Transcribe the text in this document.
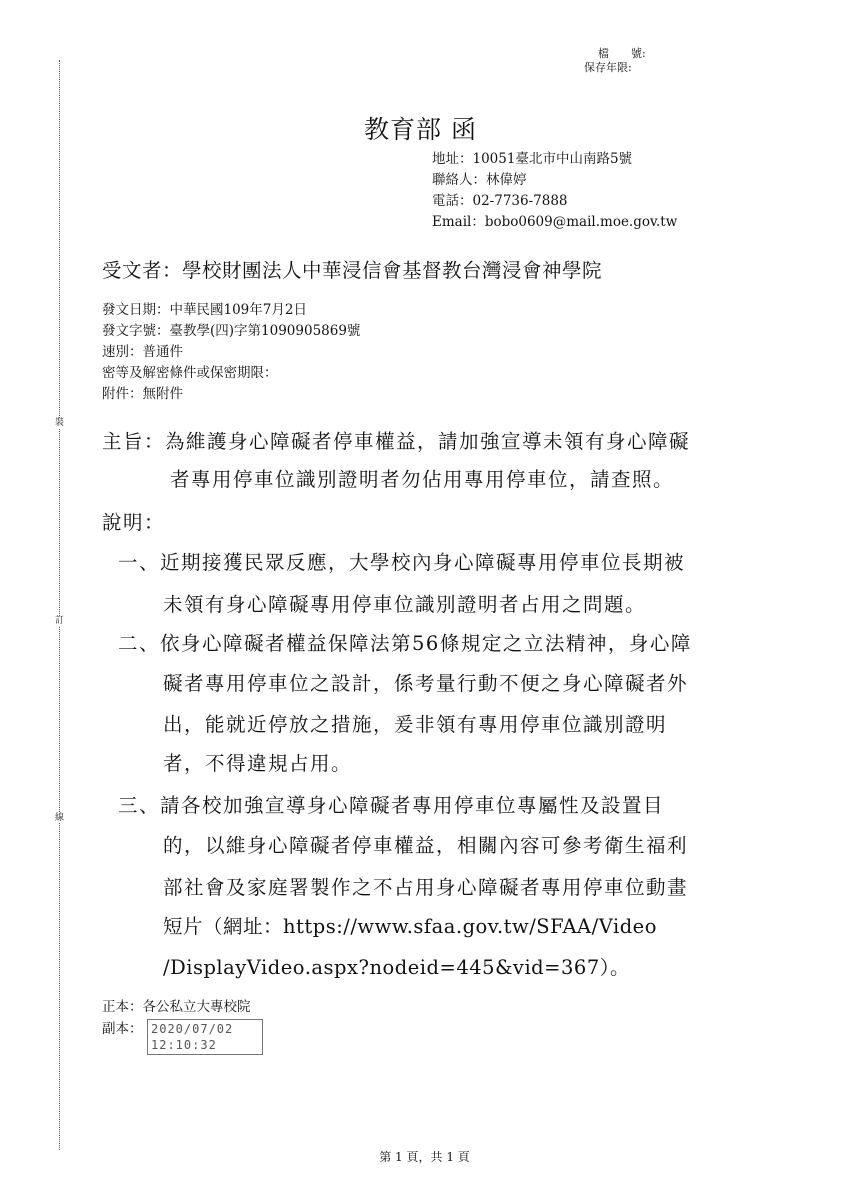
裝
訂
線
檔　　號:
保存年限:
教育部 函
地址：10051臺北市中山南路5號
聯絡人：林偉婷
電話：02-7736-7888
Email：bobo0609@mail.moe.gov.tw
受文者：學校財團法人中華浸信會基督教台灣浸會神學院
發文日期：中華民國109年7月2日
發文字號：臺教學(四)字第1090905869號
速別：普通件
密等及解密條件或保密期限：
附件：無附件
主旨：為維護身心障礙者停車權益，請加強宣導未領有身心障礙
者專用停車位識別證明者勿佔用專用停車位，請查照。
說明：
一、近期接獲民眾反應，大學校內身心障礙專用停車位長期被
未領有身心障礙專用停車位識別證明者占用之問題。
二、依身心障礙者權益保障法第56條規定之立法精神，身心障
礙者專用停車位之設計，係考量行動不便之身心障礙者外
出，能就近停放之措施，爰非領有專用停車位識別證明
者，不得違規占用。
三、請各校加強宣導身心障礙者專用停車位專屬性及設置目
的，以維身心障礙者停車權益，相關內容可參考衛生福利
部社會及家庭署製作之不占用身心障礙者專用停車位動畫
短片（網址：https://www.sfaa.gov.tw/SFAA/Video
/DisplayVideo.aspx?nodeid=445&vid=367）。
正本：各公私立大專校院
副本： 2020/07/02
12:10:32
第 1 頁，共 1 頁
